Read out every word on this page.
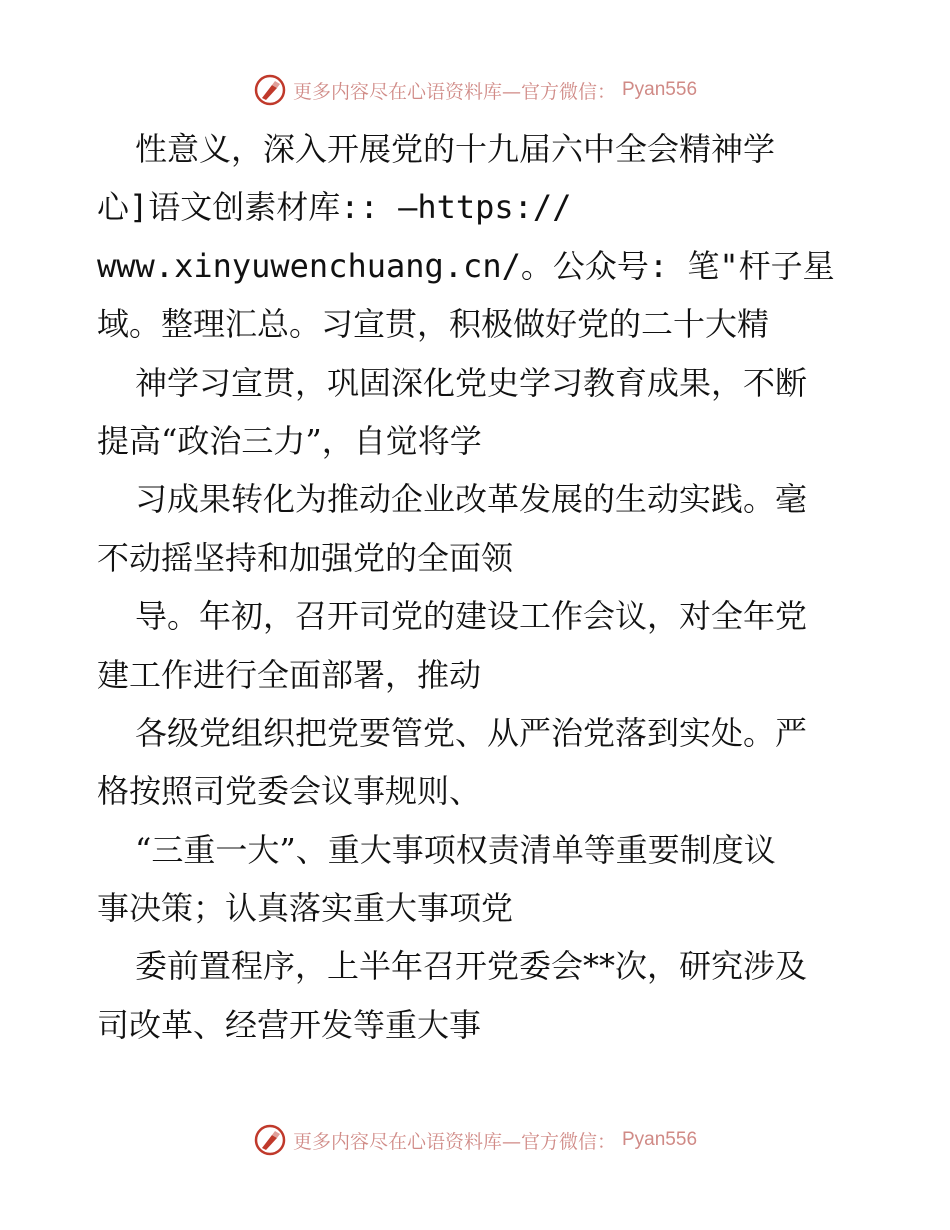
更多内容尽在心语资料库—官方微信： Pyan556
性意义，深入开展党的十九届六中全会精神学
心]语文创素材库:: —https://
www.xinyuwenchuang.cn/。公众号: 笔"杆子星
域。整理汇总。习宣贯，积极做好党的二十大精
神学习宣贯，巩固深化党史学习教育成果，不断
提高“政治三力”，自觉将学
习成果转化为推动企业改革发展的生动实践。毫
不动摇坚持和加强党的全面领
导。年初，召开司党的建设工作会议，对全年党
建工作进行全面部署，推动
各级党组织把党要管党、从严治党落到实处。严
格按照司党委会议事规则、
“三重一大”、重大事项权责清单等重要制度议
事决策；认真落实重大事项党
委前置程序，上半年召开党委会**次，研究涉及
司改革、经营开发等重大事
更多内容尽在心语资料库—官方微信： Pyan556
